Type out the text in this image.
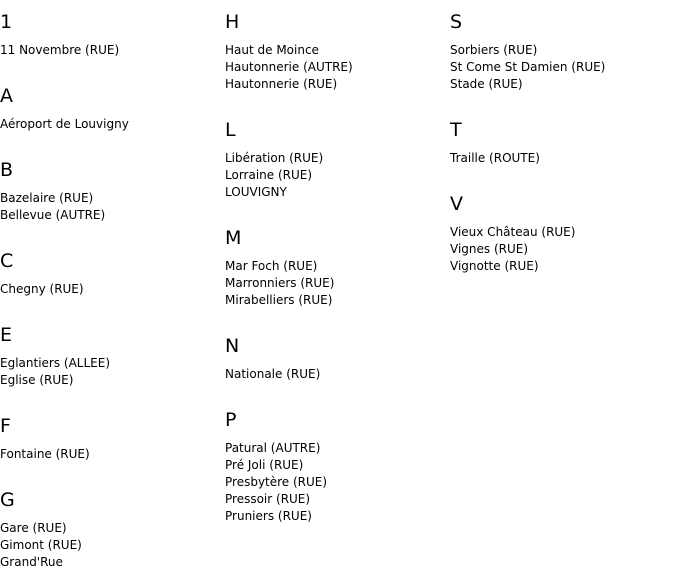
1
11 Novembre (RUE)
A
Aéroport de Louvigny
B
Bazelaire (RUE)
Bellevue (AUTRE)
C
Chegny (RUE)
E
Eglantiers (ALLEE)
Eglise (RUE)
F
Fontaine (RUE)
G
Gare (RUE)
Gimont (RUE)
Grand'Rue
H
Haut de Moince
Hautonnerie (AUTRE)
Hautonnerie (RUE)
L
Libération (RUE)
Lorraine (RUE)
LOUVIGNY
M
Mar Foch (RUE)
Marronniers (RUE)
Mirabelliers (RUE)
N
Nationale (RUE)
P
Patural (AUTRE)
Pré Joli (RUE)
Presbytère (RUE)
Pressoir (RUE)
Pruniers (RUE)
S
Sorbiers (RUE)
St Come St Damien (RUE)
Stade (RUE)
T
Traille (ROUTE)
V
Vieux Château (RUE)
Vignes (RUE)
Vignotte (RUE)
